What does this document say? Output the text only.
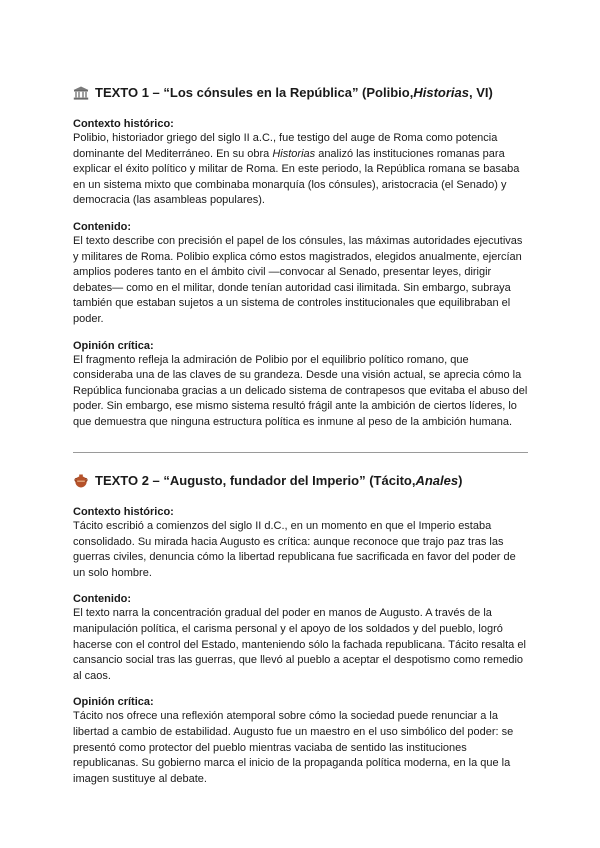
TEXTO 1 – “Los cónsules en la República” (Polibio, Historias , VI)

Contexto histórico:

Polibio, historiador griego del siglo II a.C., fue testigo del auge de Roma como potencia dominante del Mediterráneo. En su obra Historias analizó las instituciones romanas para explicar el éxito político y militar de Roma. En este periodo, la República romana se basaba en un sistema mixto que combinaba monarquía (los cónsules), aristocracia (el Senado) y democracia (las asambleas populares).

Contenido:

El texto describe con precisión el papel de los cónsules, las máximas autoridades ejecutivas y militares de Roma. Polibio explica cómo estos magistrados, elegidos anualmente, ejercían amplios poderes tanto en el ámbito civil —convocar al Senado, presentar leyes, dirigir debates— como en el militar, donde tenían autoridad casi ilimitada. Sin embargo, subraya también que estaban sujetos a un sistema de controles institucionales que equilibraban el poder.

Opinión crítica:

El fragmento refleja la admiración de Polibio por el equilibrio político romano, que consideraba una de las claves de su grandeza. Desde una visión actual, se aprecia cómo la República funcionaba gracias a un delicado sistema de contrapesos que evitaba el abuso del poder. Sin embargo, ese mismo sistema resultó frágil ante la ambición de ciertos líderes, lo que demuestra que ninguna estructura política es inmune al peso de la ambición humana.

TEXTO 2 – “Augusto, fundador del Imperio” (Tácito, Anales )

Contexto histórico:

Tácito escribió a comienzos del siglo II d.C., en un momento en que el Imperio estaba consolidado. Su mirada hacia Augusto es crítica: aunque reconoce que trajo paz tras las guerras civiles, denuncia cómo la libertad republicana fue sacrificada en favor del poder de un solo hombre.

Contenido:

El texto narra la concentración gradual del poder en manos de Augusto. A través de la manipulación política, el carisma personal y el apoyo de los soldados y del pueblo, logró hacerse con el control del Estado, manteniendo sólo la fachada republicana. Tácito resalta el cansancio social tras las guerras, que llevó al pueblo a aceptar el despotismo como remedio al caos.

Opinión crítica:

Tácito nos ofrece una reflexión atemporal sobre cómo la sociedad puede renunciar a la libertad a cambio de estabilidad. Augusto fue un maestro en el uso simbólico del poder: se presentó como protector del pueblo mientras vaciaba de sentido las instituciones republicanas. Su gobierno marca el inicio de la propaganda política moderna, en la que la imagen sustituye al debate.
